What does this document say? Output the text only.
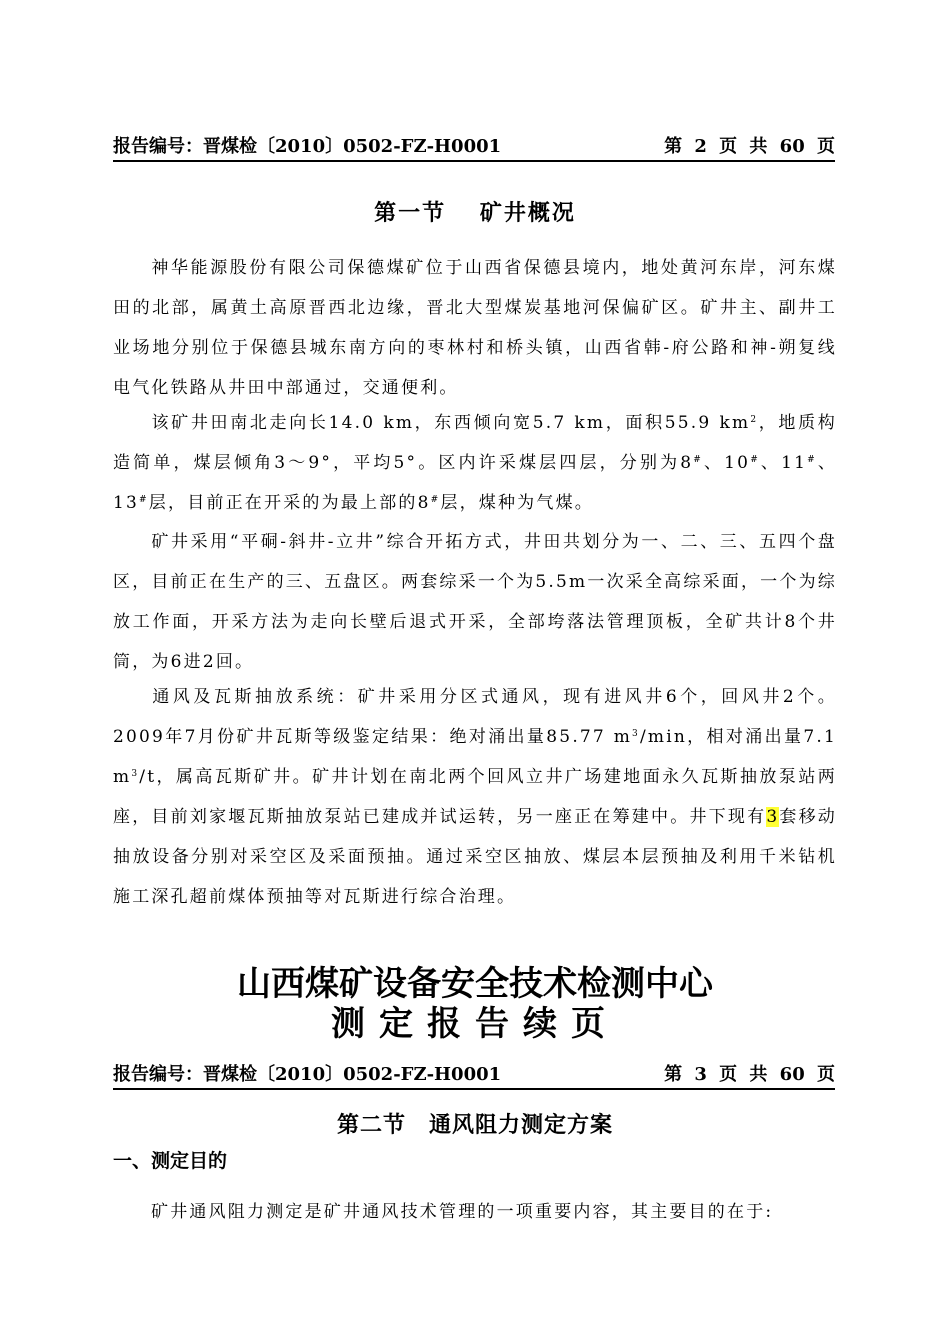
报告编号：晋煤检〔2010〕0502-FZ-H0001	第 2 页 共 60 页
第一节　 矿井概况
神华能源股份有限公司保德煤矿位于山西省保德县境内，地处黄河东岸，河东煤田的北部，属黄土高原晋西北边缘，晋北大型煤炭基地河保偏矿区。矿井主、副井工业场地分别位于保德县城东南方向的枣林村和桥头镇，山西省韩-府公路和神-朔复线电气化铁路从井田中部通过，交通便利。
该矿井田南北走向长14.0 km，东西倾向宽5.7 km，面积55.9 $km^2$，地质构造简单，煤层倾角3～9°，平均5°。区内许采煤层四层，分别为8#、10#、11#、13#层，目前正在开采的为最上部的8#层，煤种为气煤。
矿井采用“平硐-斜井-立井”综合开拓方式，井田共划分为一、二、三、五四个盘区，目前正在生产的三、五盘区。两套综采一个为5.5m一次采全高综采面，一个为综放工作面，开采方法为走向长壁后退式开采，全部垮落法管理顶板，全矿共计8个井筒，为6进2回。
通风及瓦斯抽放系统：矿井采用分区式通风，现有进风井6个，回风井2个。2009年7月份矿井瓦斯等级鉴定结果：绝对涌出量85.77 $m^3/\min$，相对涌出量7.1 $m^3/t$，属高瓦斯矿井。矿井计划在南北两个回风立井广场建地面永久瓦斯抽放泵站两座，目前刘家堰瓦斯抽放泵站已建成并试运转，另一座正在筹建中。井下现有3套移动抽放设备分别对采空区及采面预抽。通过采空区抽放、煤层本层预抽及利用千米钻机施工深孔超前煤体预抽等对瓦斯进行综合治理。
山西煤矿设备安全技术检测中心
测定报告续页
报告编号：晋煤检〔2010〕0502-FZ-H0001	第 3 页 共 60 页
第二节　通风阻力测定方案
一、测定目的
矿井通风阻力测定是矿井通风技术管理的一项重要内容，其主要目的在于:
